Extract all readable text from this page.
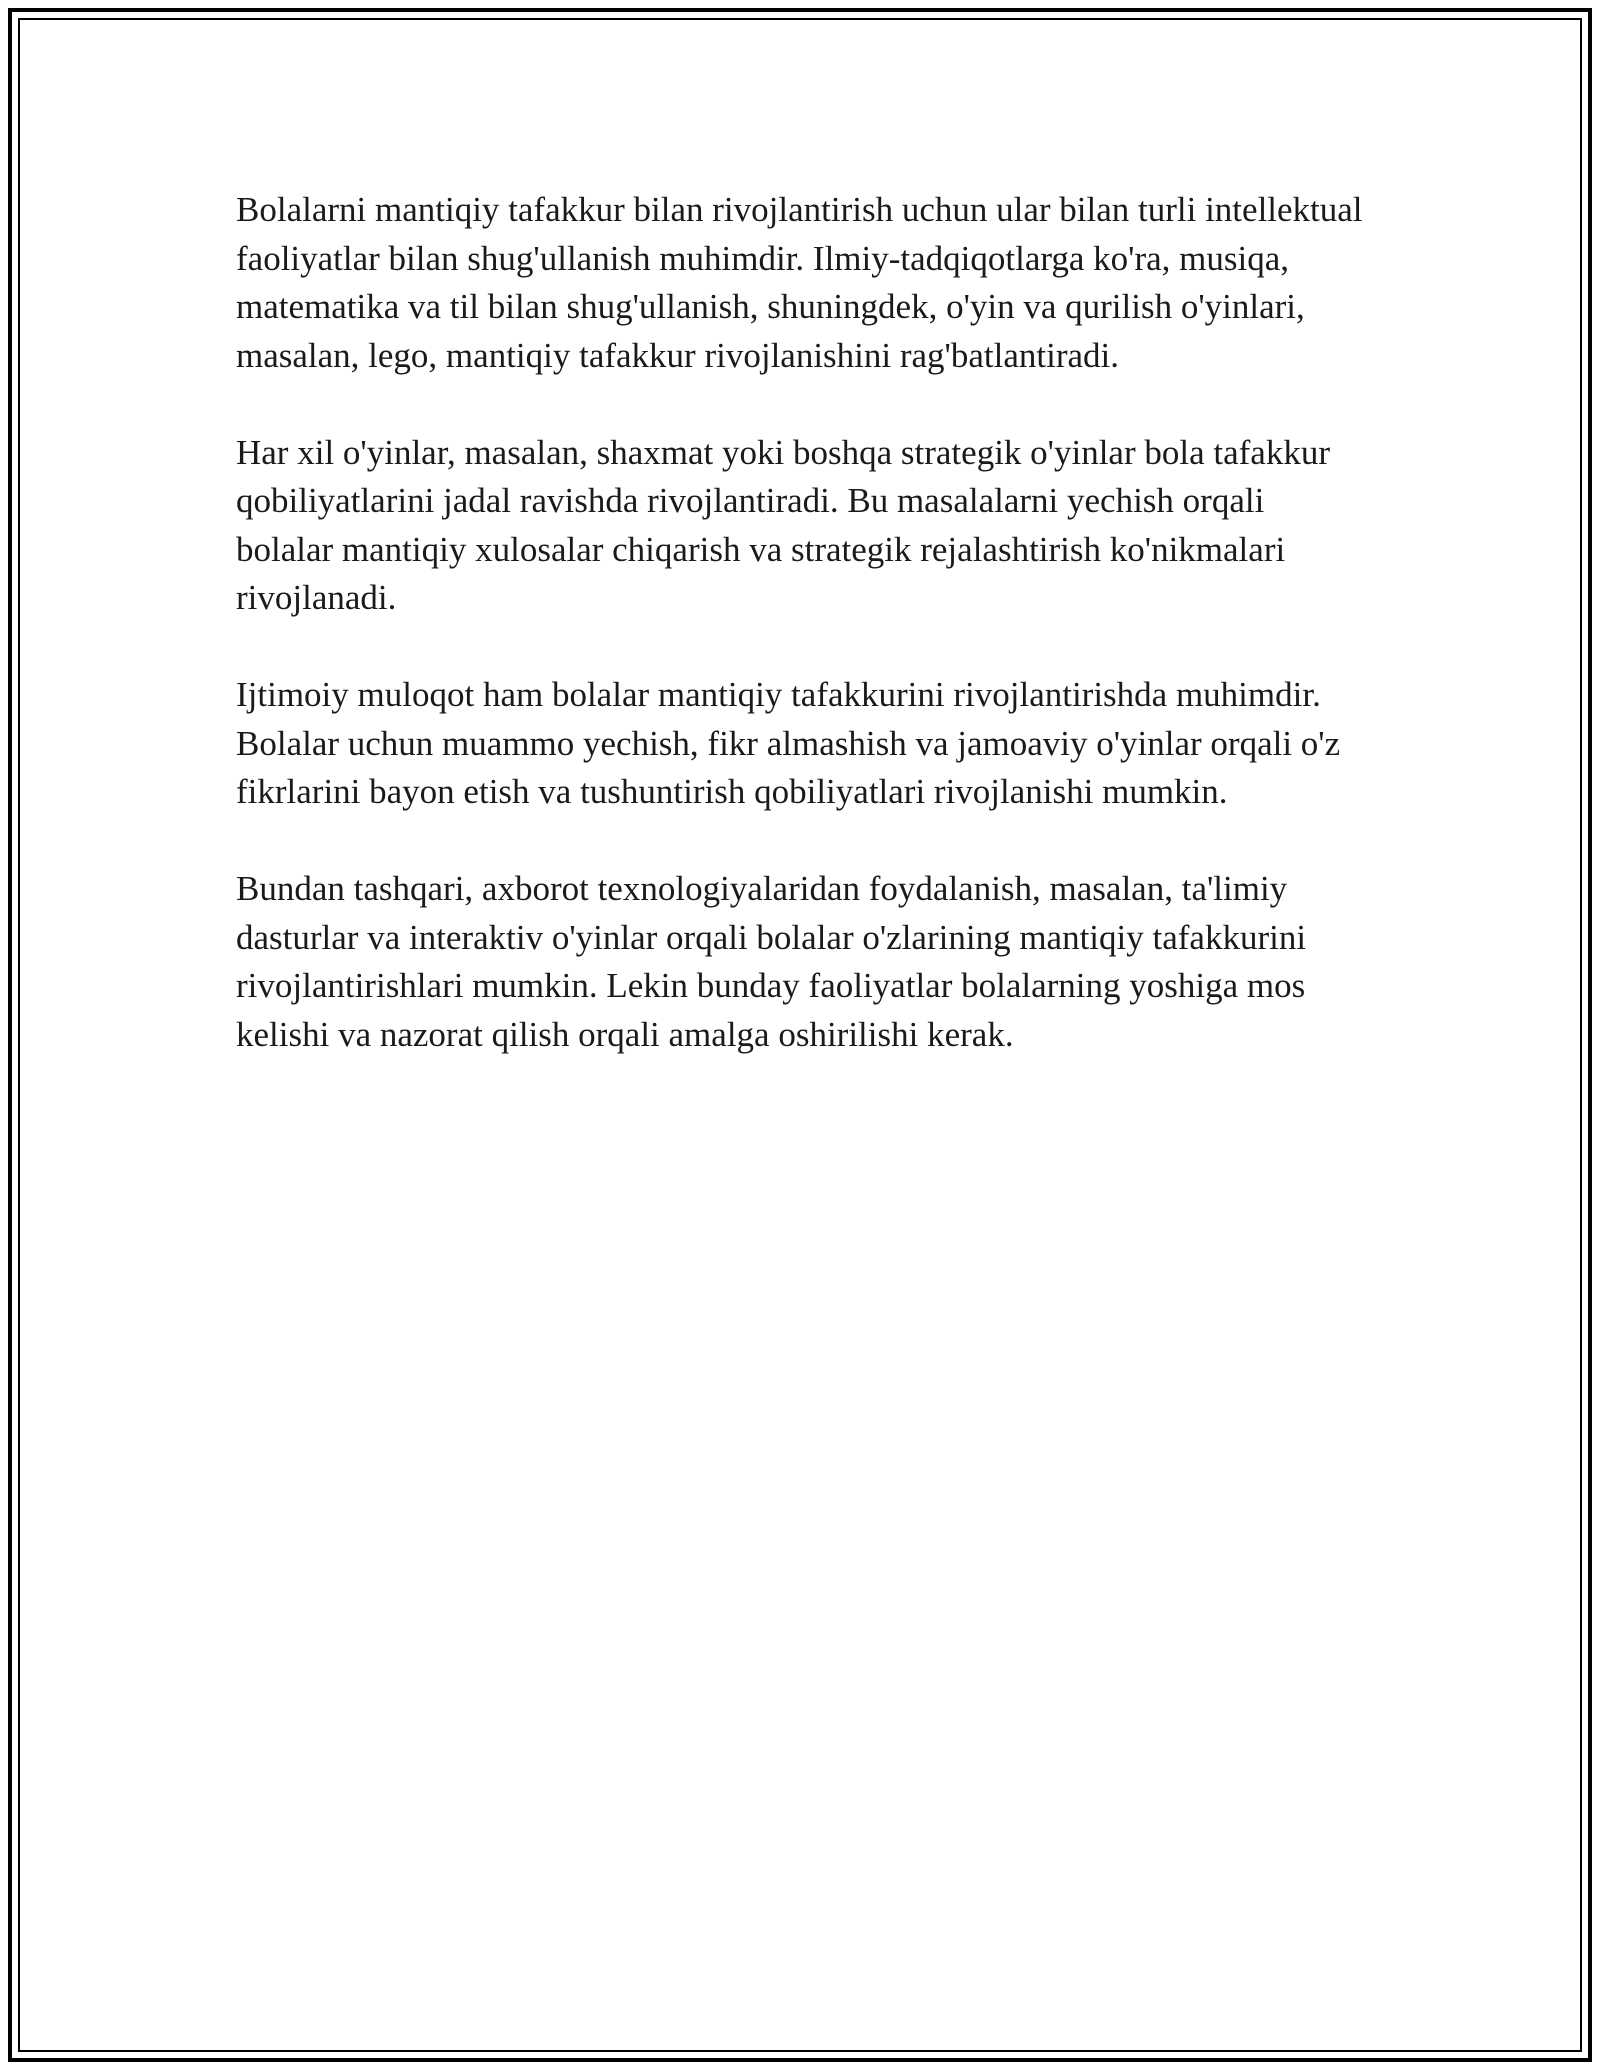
Bolalarni mantiqiy tafakkur bilan rivojlantirish uchun ular bilan turli intellektual faoliyatlar bilan shug'ullanish muhimdir. Ilmiy-tadqiqotlarga ko'ra, musiqa, matematika va til bilan shug'ullanish, shuningdek, o'yin va qurilish o'yinlari, masalan, lego, mantiqiy tafakkur rivojlanishini rag'batlantiradi.

Har xil o'yinlar, masalan, shaxmat yoki boshqa strategik o'yinlar bola tafakkur qobiliyatlarini jadal ravishda rivojlantiradi. Bu masalalarni yechish orqali bolalar mantiqiy xulosalar chiqarish va strategik rejalashtirish ko'nikmalari rivojlanadi.

Ijtimoiy muloqot ham bolalar mantiqiy tafakkurini rivojlantirishda muhimdir. Bolalar uchun muammo yechish, fikr almashish va jamoaviy o'yinlar orqali o'z fikrlarini bayon etish va tushuntirish qobiliyatlari rivojlanishi mumkin.

Bundan tashqari, axborot texnologiyalaridan foydalanish, masalan, ta'limiy dasturlar va interaktiv o'yinlar orqali bolalar o'zlarining mantiqiy tafakkurini rivojlantirishlari mumkin. Lekin bunday faoliyatlar bolalarning yoshiga mos kelishi va nazorat qilish orqali amalga oshirilishi kerak.
